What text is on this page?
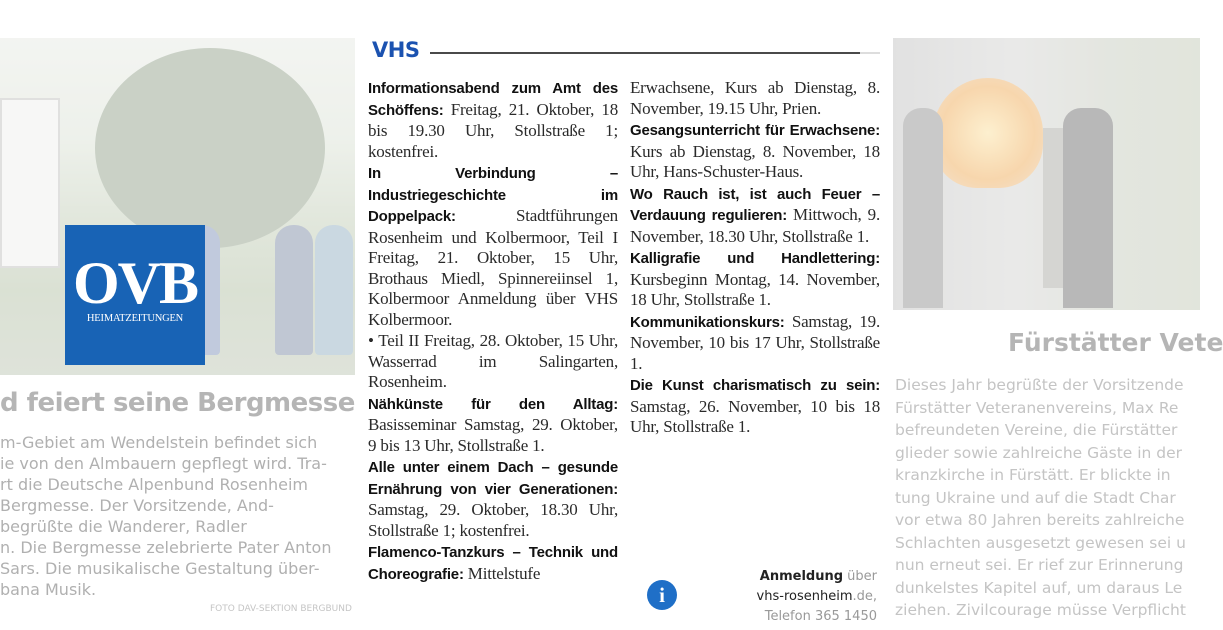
d feiert seine Bergmesse
m-Gebiet am Wendelstein befindet sich
ie von den Almbauern gepflegt wird. Tra-
rt die Deutsche Alpenbund Rosenheim
Bergmesse. Der Vorsitzende, And-
begrüßte die Wanderer, Radler
n. Die Bergmesse zelebrierte Pater Anton
Sars. Die musikalische Gestaltung über-
bana Musik.
FOTO DAV-SEKTION BERGBUND
Fürstätter Vete
Dieses Jahr begrüßte der Vorsitzende
Fürstätter Veteranenvereins, Max Re
befreundeten Vereine, die Fürstätter
glieder sowie zahlreiche Gäste in der
kranzkirche in Fürstätt. Er blickte in
tung Ukraine und auf die Stadt Char
vor etwa 80 Jahren bereits zahlreiche
Schlachten ausgesetzt gewesen sei u
nun erneut sei. Er rief zur Erinnerung
dunkelstes Kapitel auf, um daraus Le
ziehen. Zivilcourage müsse Verpflicht
OVB
HEIMATZEITUNGEN
VHS

Informationsabend zum Amt des Schöffens: Freitag, 21. Oktober, 18 bis 19.30 Uhr, Stollstraße 1; kostenfrei.

In Verbindung – Industriegeschichte im Doppelpack: Stadtführungen Rosenheim und Kolbermoor, Teil I Freitag, 21. Oktober, 15 Uhr, Brothaus Miedl, Spinnereiinsel 1, Kolbermoor Anmeldung über VHS Kolbermoor.

• Teil II Freitag, 28. Oktober, 15 Uhr, Wasserrad im Salingarten, Rosenheim.

Nähkünste für den Alltag: Basisseminar Samstag, 29. Oktober, 9 bis 13 Uhr, Stollstraße 1.

Alle unter einem Dach – gesunde Ernährung von vier Generationen: Samstag, 29. Oktober, 18.30 Uhr, Stollstraße 1; kostenfrei.

Flamenco-Tanzkurs – Technik und Choreografie: Mittelstufe

Erwachsene, Kurs ab Dienstag, 8. November, 19.15 Uhr, Prien.

Gesangsunterricht für Erwachsene: Kurs ab Dienstag, 8. November, 18 Uhr, Hans-Schuster-Haus.

Wo Rauch ist, ist auch Feuer – Verdauung regulieren: Mittwoch, 9. November, 18.30 Uhr, Stollstraße 1.

Kalligrafie und Handlettering: Kursbeginn Montag, 14. November, 18 Uhr, Stollstraße 1.

Kommunikationskurs: Samstag, 19. November, 10 bis 17 Uhr, Stollstraße 1.

Die Kunst charismatisch zu sein: Samstag, 26. November, 10 bis 18 Uhr, Stollstraße 1.

i
Anmeldung über
vhs-rosenheim.de,
Telefon 365 1450
